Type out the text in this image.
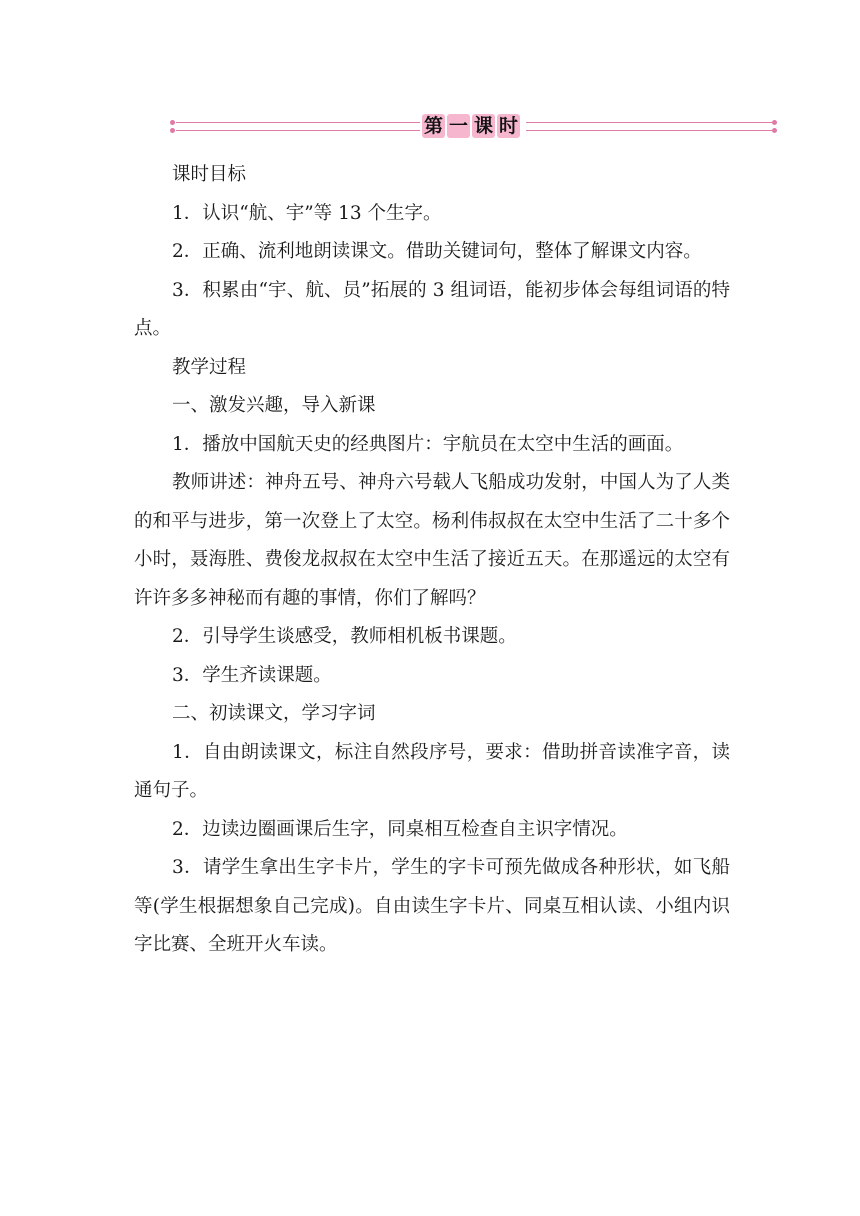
第 一 课 时

课时目标

1．认识“航、宇”等 13 个生字。

2．正确、流利地朗读课文。借助关键词句，整体了解课文内容。

3．积累由“宇、航、员”拓展的 3 组词语，能初步体会每组词语的特点。

教学过程

一、激发兴趣，导入新课

1．播放中国航天史的经典图片：宇航员在太空中生活的画面。

教师讲述：神舟五号、神舟六号载人飞船成功发射，中国人为了人类的和平与进步，第一次登上了太空。杨利伟叔叔在太空中生活了二十多个小时，聂海胜、费俊龙叔叔在太空中生活了接近五天。在那遥远的太空有许许多多神秘而有趣的事情，你们了解吗？

2．引导学生谈感受，教师相机板书课题。

3．学生齐读课题。

二、初读课文，学习字词

1．自由朗读课文，标注自然段序号，要求：借助拼音读准字音，读通句子。

2．边读边圈画课后生字，同桌相互检查自主识字情况。

3．请学生拿出生字卡片，学生的字卡可预先做成各种形状，如飞船等(学生根据想象自己完成)。自由读生字卡片、同桌互相认读、小组内识字比赛、全班开火车读。
